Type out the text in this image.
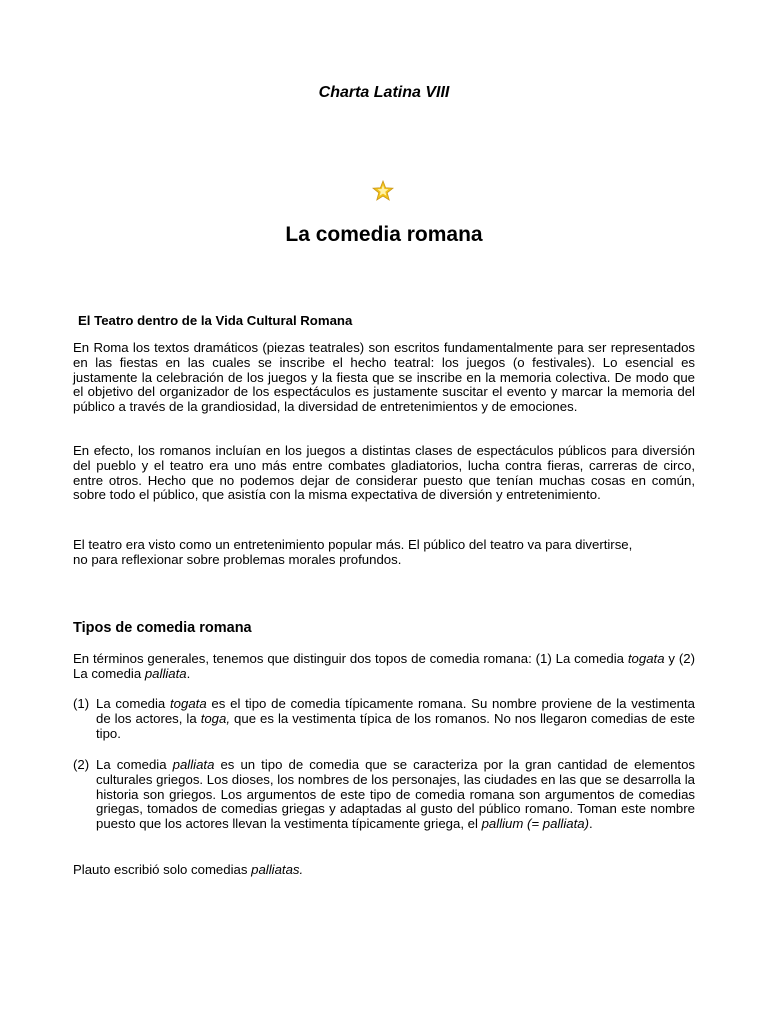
Charta Latina VIII
La comedia romana
El Teatro dentro de la Vida Cultural Romana
En Roma los textos dramáticos (piezas teatrales) son escritos fundamentalmente para ser representados en las fiestas en las cuales se inscribe el hecho teatral: los juegos (o festivales). Lo esencial es justamente la celebración de los juegos y la fiesta que se inscribe en la memoria colectiva. De modo que el objetivo del organizador de los espectáculos es justamente suscitar el evento y marcar la memoria del público a través de la grandiosidad, la diversidad de entretenimientos y de emociones.
En efecto, los romanos incluían en los juegos a distintas clases de espectáculos públicos para diversión del pueblo y el teatro era uno más entre combates gladiatorios, lucha contra fieras, carreras de circo, entre otros. Hecho que no podemos dejar de considerar puesto que tenían muchas cosas en común, sobre todo el público, que asistía con la misma expectativa de diversión y entretenimiento.

El teatro era visto como un entretenimiento popular más. El público del teatro va para divertirse,

no para reflexionar sobre problemas morales profundos.

Tipos de comedia romana
En términos generales, tenemos que distinguir dos topos de comedia romana: (1) La comedia togata y (2) La comedia palliata.
(1) La comedia togata es el tipo de comedia típicamente romana. Su nombre proviene de la vestimenta de los actores, la toga, que es la vestimenta típica de los romanos. No nos llegaron comedias de este tipo.
(2) La comedia palliata es un tipo de comedia que se caracteriza por la gran cantidad de elementos culturales griegos. Los dioses, los nombres de los personajes, las ciudades en las que se desarrolla la historia son griegos. Los argumentos de este tipo de comedia romana son argumentos de comedias griegas, tomados de comedias griegas y adaptadas al gusto del público romano. Toman este nombre puesto que los actores llevan la vestimenta típicamente griega, el pallium (= palliata).
Plauto escribió solo comedias palliatas.
